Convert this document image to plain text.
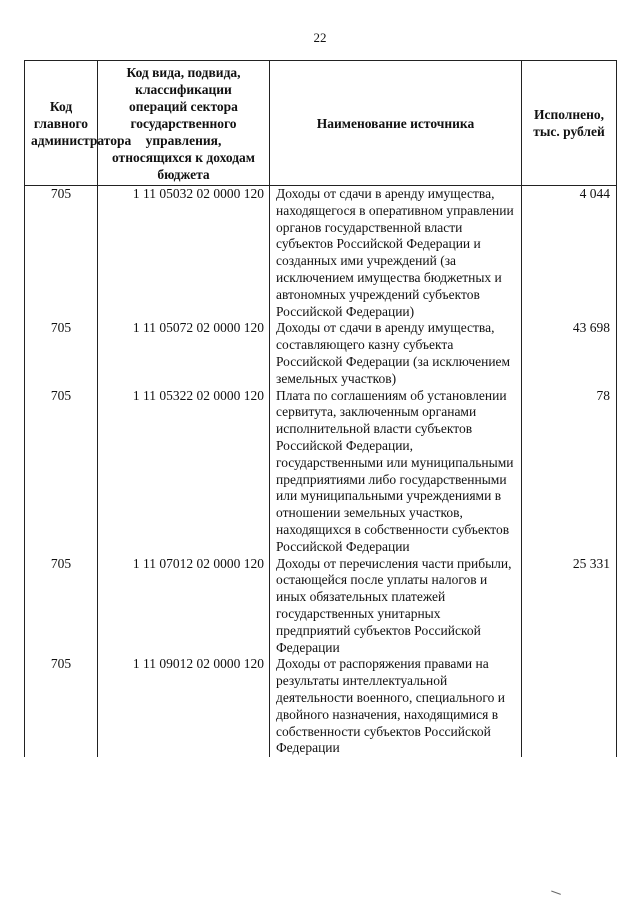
22
Код главного администратора	Код вида, подвида, классификации операций сектора государственного управления, относящихся к доходам бюджета	Наименование источника	Исполнено, тыс. рублей
705	1 11 05032 02 0000 120	Доходы от сдачи в аренду имущества, находящегося в оперативном управлении органов государственной власти субъектов Российской Федерации и созданных ими учреждений (за исключением имущества бюджетных и автономных учреждений субъектов Российской Федерации)	4 044
705	1 11 05072 02 0000 120	Доходы от сдачи в аренду имущества, составляющего казну субъекта Российской Федерации (за исключением земельных участков)	43 698
705	1 11 05322 02 0000 120	Плата по соглашениям об установлении сервитута, заключенным органами исполнительной власти субъектов Российской Федерации, государственными или муниципальными предприятиями либо государственными или муниципальными учреждениями в отношении земельных участков, находящихся в собственности субъектов Российской Федерации	78
705	1 11 07012 02 0000 120	Доходы от перечисления части прибыли, остающейся после уплаты налогов и иных обязательных платежей государственных унитарных предприятий субъектов Российской Федерации	25 331
705	1 11 09012 02 0000 120	Доходы от распоряжения правами на результаты интеллектуальной деятельности военного, специального и двойного назначения, находящимися в собственности субъектов Российской Федерации	
